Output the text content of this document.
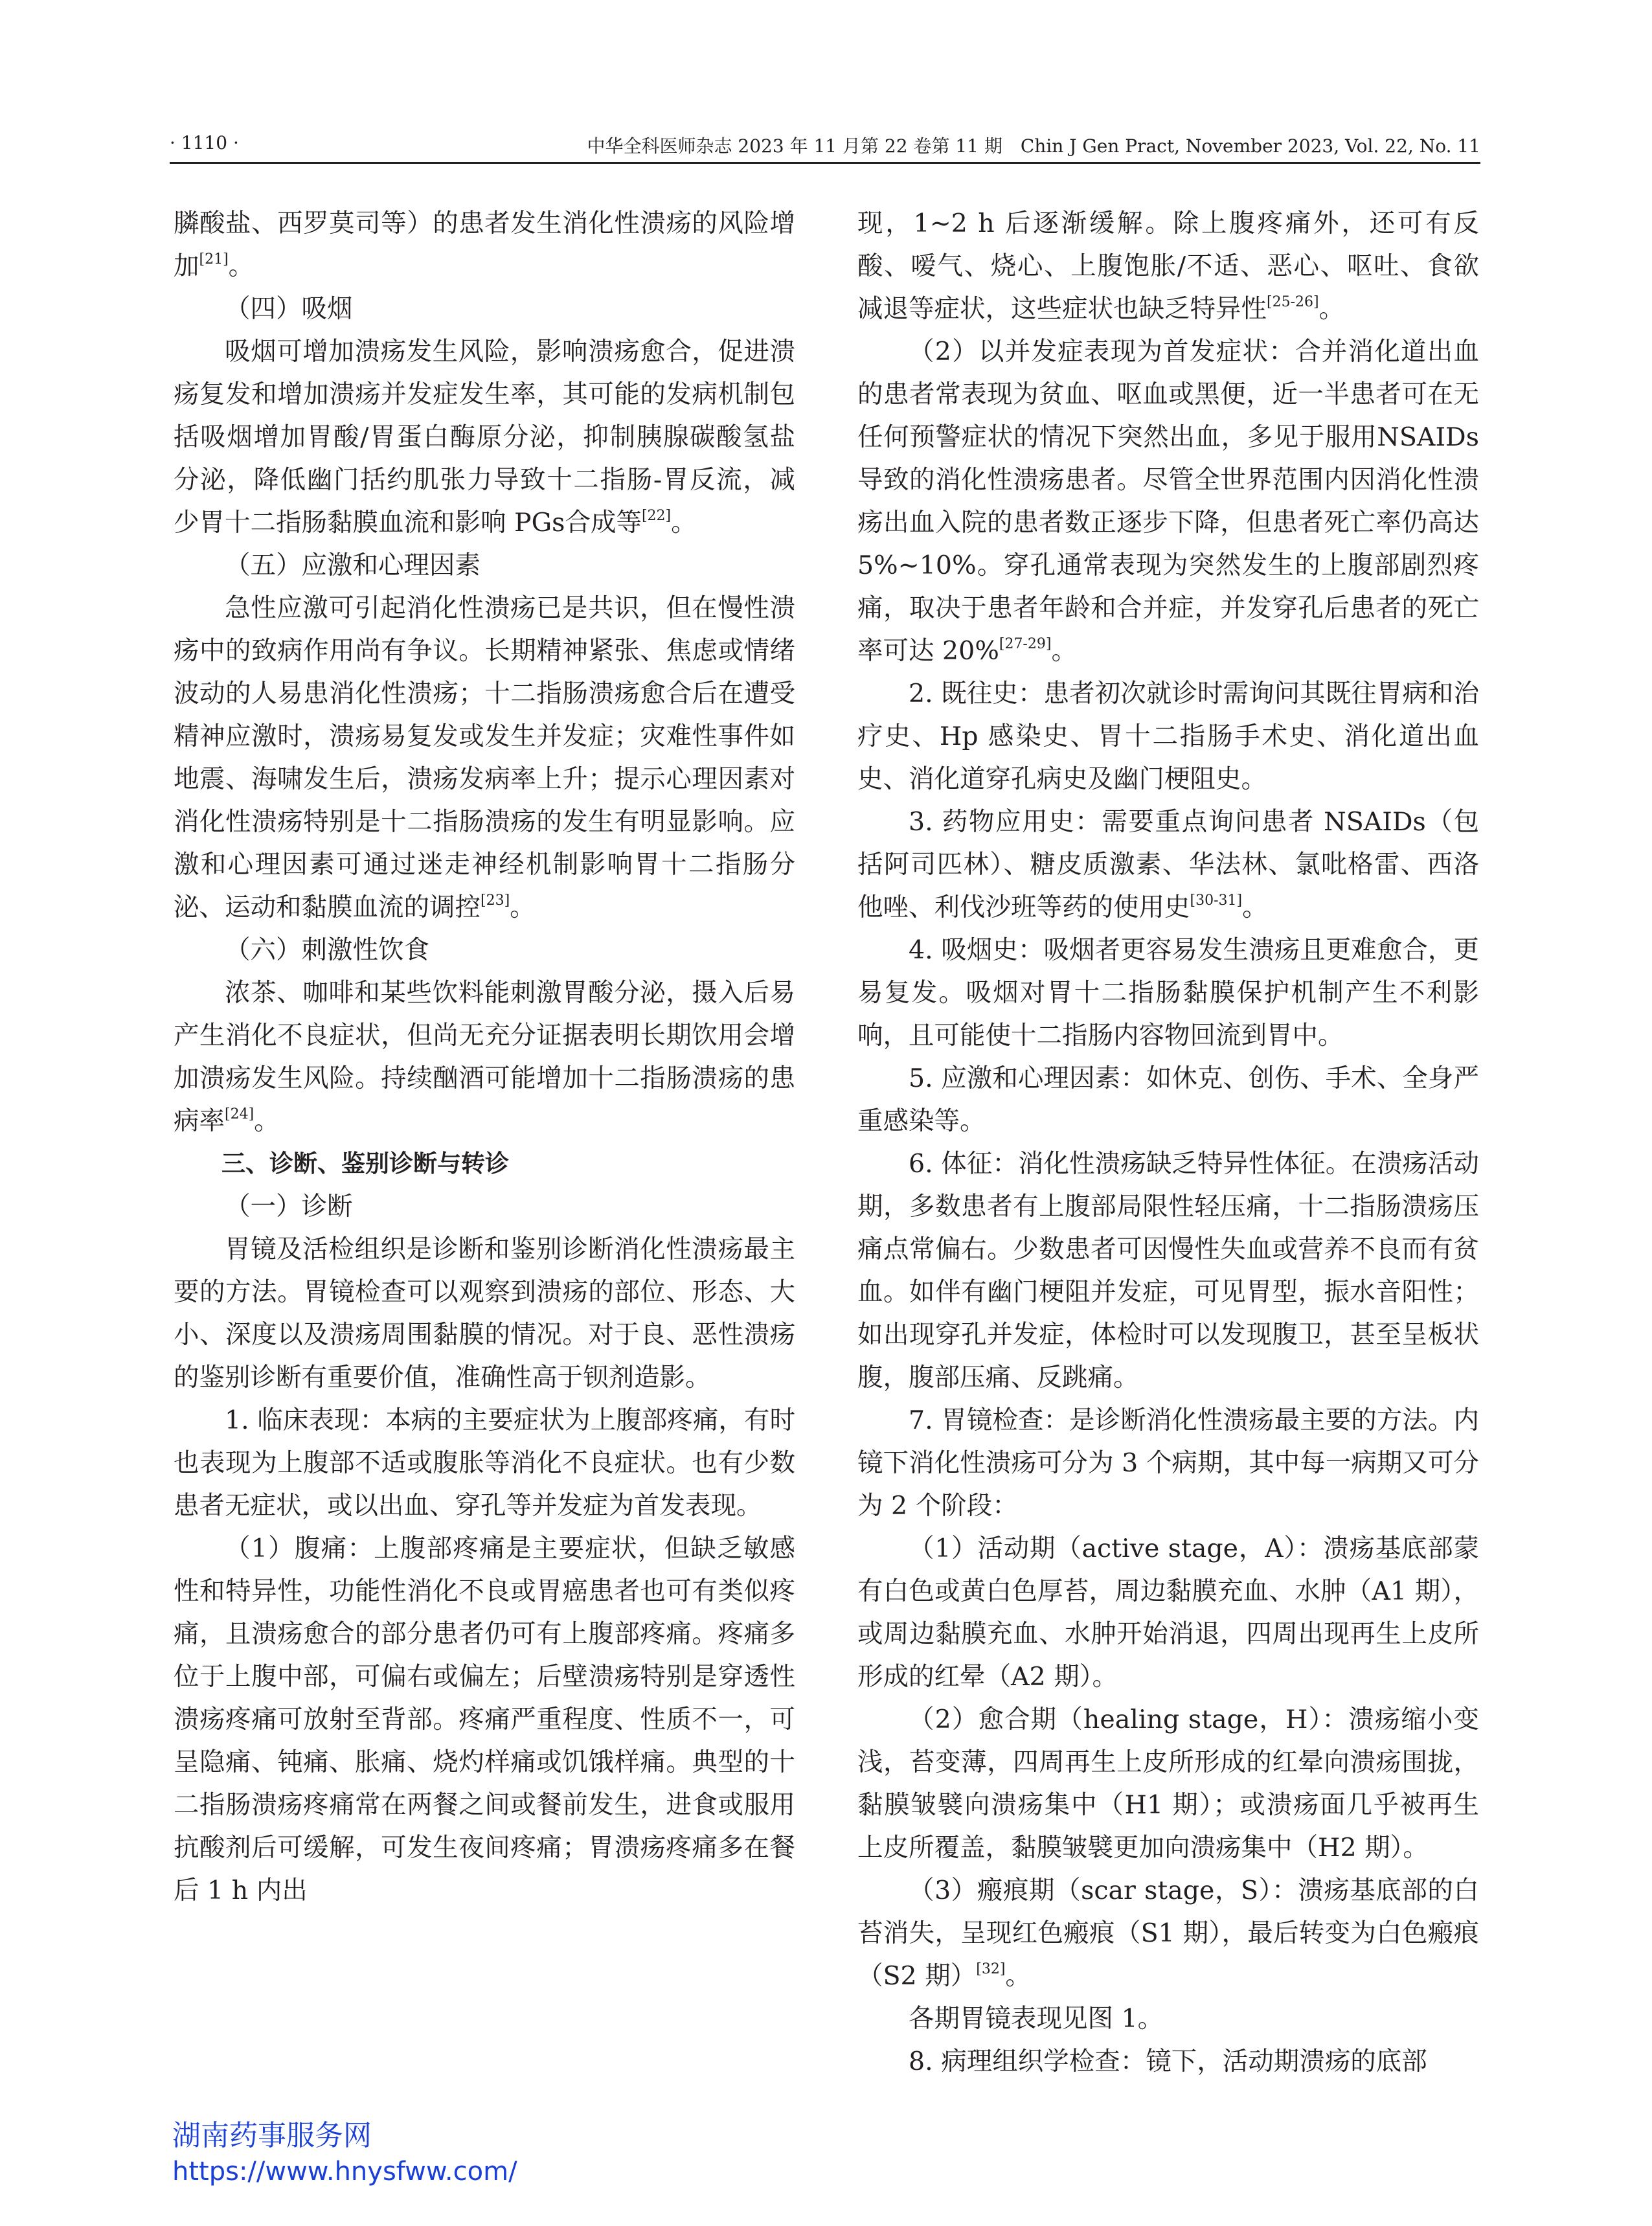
· 1110 ·	中华全科医师杂志 2023 年 11 月第 22 卷第 11 期　Chin J Gen Pract, November 2023, Vol. 22, No. 11

膦酸盐、西罗莫司等）的患者发生消化性溃疡的风险增加[21]。

（四）吸烟

吸烟可增加溃疡发生风险，影响溃疡愈合，促进溃疡复发和增加溃疡并发症发生率，其可能的发病机制包括吸烟增加胃酸/胃蛋白酶原分泌，抑制胰腺碳酸氢盐分泌，降低幽门括约肌张力导致十二指肠-胃反流，减少胃十二指肠黏膜血流和影响 PGs合成等[22]。

（五）应激和心理因素

急性应激可引起消化性溃疡已是共识，但在慢性溃疡中的致病作用尚有争议。长期精神紧张、焦虑或情绪波动的人易患消化性溃疡；十二指肠溃疡愈合后在遭受精神应激时，溃疡易复发或发生并发症；灾难性事件如地震、海啸发生后，溃疡发病率上升；提示心理因素对消化性溃疡特别是十二指肠溃疡的发生有明显影响。应激和心理因素可通过迷走神经机制影响胃十二指肠分泌、运动和黏膜血流的调控[23]。

（六）刺激性饮食

浓茶、咖啡和某些饮料能刺激胃酸分泌，摄入后易产生消化不良症状，但尚无充分证据表明长期饮用会增加溃疡发生风险。持续酗酒可能增加十二指肠溃疡的患病率[24]。

三、诊断、鉴别诊断与转诊

（一）诊断

胃镜及活检组织是诊断和鉴别诊断消化性溃疡最主要的方法。胃镜检查可以观察到溃疡的部位、形态、大小、深度以及溃疡周围黏膜的情况。对于良、恶性溃疡的鉴别诊断有重要价值，准确性高于钡剂造影。

1. 临床表现：本病的主要症状为上腹部疼痛，有时也表现为上腹部不适或腹胀等消化不良症状。也有少数患者无症状，或以出血、穿孔等并发症为首发表现。

（1）腹痛：上腹部疼痛是主要症状，但缺乏敏感性和特异性，功能性消化不良或胃癌患者也可有类似疼痛，且溃疡愈合的部分患者仍可有上腹部疼痛。疼痛多位于上腹中部，可偏右或偏左；后壁溃疡特别是穿透性溃疡疼痛可放射至背部。疼痛严重程度、性质不一，可呈隐痛、钝痛、胀痛、烧灼样痛或饥饿样痛。典型的十二指肠溃疡疼痛常在两餐之间或餐前发生，进食或服用抗酸剂后可缓解，可发生夜间疼痛；胃溃疡疼痛多在餐后 1 h 内出

现，1~2 h 后逐渐缓解。除上腹疼痛外，还可有反酸、嗳气、烧心、上腹饱胀/不适、恶心、呕吐、食欲减退等症状，这些症状也缺乏特异性[25-26]。

（2）以并发症表现为首发症状：合并消化道出血的患者常表现为贫血、呕血或黑便，近一半患者可在无任何预警症状的情况下突然出血，多见于服用NSAIDs导致的消化性溃疡患者。尽管全世界范围内因消化性溃疡出血入院的患者数正逐步下降，但患者死亡率仍高达 5%~10%。穿孔通常表现为突然发生的上腹部剧烈疼痛，取决于患者年龄和合并症，并发穿孔后患者的死亡率可达 20%[27-29]。

2. 既往史：患者初次就诊时需询问其既往胃病和治疗史、Hp 感染史、胃十二指肠手术史、消化道出血史、消化道穿孔病史及幽门梗阻史。

3. 药物应用史：需要重点询问患者 NSAIDs（包括阿司匹林）、糖皮质激素、华法林、氯吡格雷、西洛他唑、利伐沙班等药的使用史[30-31]。

4. 吸烟史：吸烟者更容易发生溃疡且更难愈合，更易复发。吸烟对胃十二指肠黏膜保护机制产生不利影响，且可能使十二指肠内容物回流到胃中。

5. 应激和心理因素：如休克、创伤、手术、全身严重感染等。

6. 体征：消化性溃疡缺乏特异性体征。在溃疡活动期，多数患者有上腹部局限性轻压痛，十二指肠溃疡压痛点常偏右。少数患者可因慢性失血或营养不良而有贫血。如伴有幽门梗阻并发症，可见胃型，振水音阳性；如出现穿孔并发症，体检时可以发现腹卫，甚至呈板状腹，腹部压痛、反跳痛。

7. 胃镜检查：是诊断消化性溃疡最主要的方法。内镜下消化性溃疡可分为 3 个病期，其中每一病期又可分为 2 个阶段：

（1）活动期（active stage，A）：溃疡基底部蒙有白色或黄白色厚苔，周边黏膜充血、水肿（A1 期），或周边黏膜充血、水肿开始消退，四周出现再生上皮所形成的红晕（A2 期）。

（2）愈合期（healing stage，H）：溃疡缩小变浅，苔变薄，四周再生上皮所形成的红晕向溃疡围拢，黏膜皱襞向溃疡集中（H1 期）；或溃疡面几乎被再生上皮所覆盖，黏膜皱襞更加向溃疡集中（H2 期）。

（3）瘢痕期（scar stage，S）：溃疡基底部的白苔消失，呈现红色瘢痕（S1 期），最后转变为白色瘢痕（S2 期）[32]。

各期胃镜表现见图 1。

8. 病理组织学检查：镜下，活动期溃疡的底部

湖南药事服务网
https://www.hnysfww.com/
